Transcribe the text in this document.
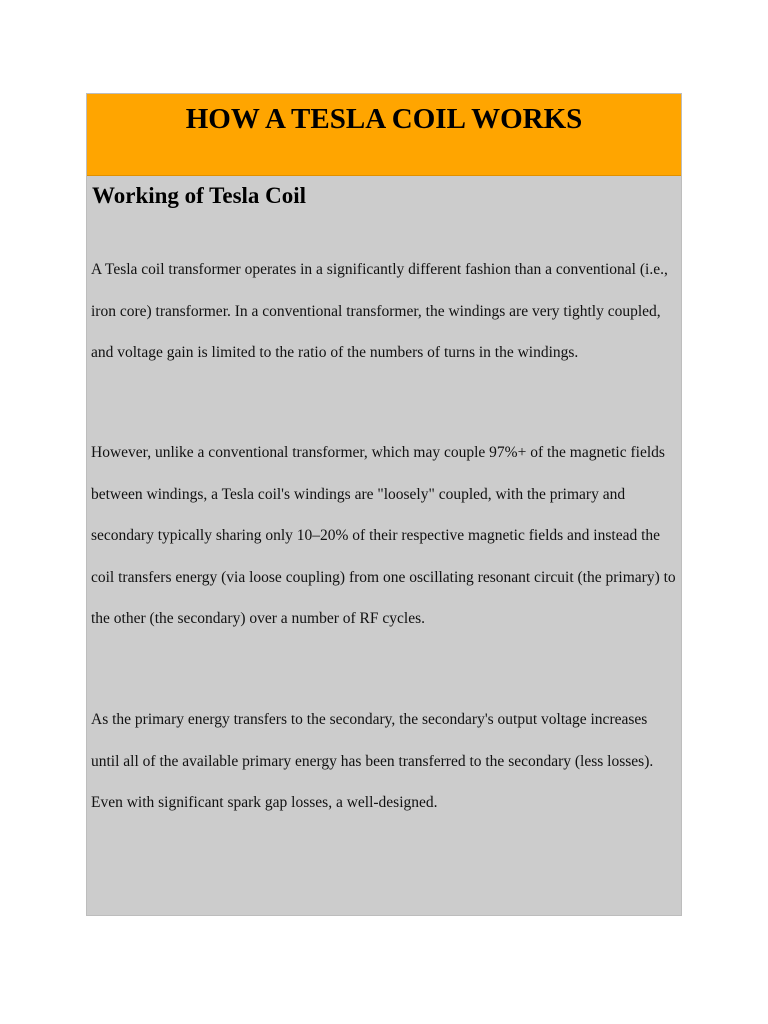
HOW A TESLA COIL WORKS
Working of Tesla Coil

A Tesla coil transformer operates in a significantly different fashion than a conventional (i.e., iron core) transformer. In a conventional transformer, the windings are very tightly coupled, and voltage gain is limited to the ratio of the numbers of turns in the windings.

However, unlike a conventional transformer, which may couple 97%+ of the magnetic fields between windings, a Tesla coil's windings are "loosely" coupled, with the primary and secondary typically sharing only 10–20% of their respective magnetic fields and instead the coil transfers energy (via loose coupling) from one oscillating resonant circuit (the primary) to the other (the secondary) over a number of RF cycles.

As the primary energy transfers to the secondary, the secondary's output voltage increases until all of the available primary energy has been transferred to the secondary (less losses). Even with significant spark gap losses, a well-designed.
